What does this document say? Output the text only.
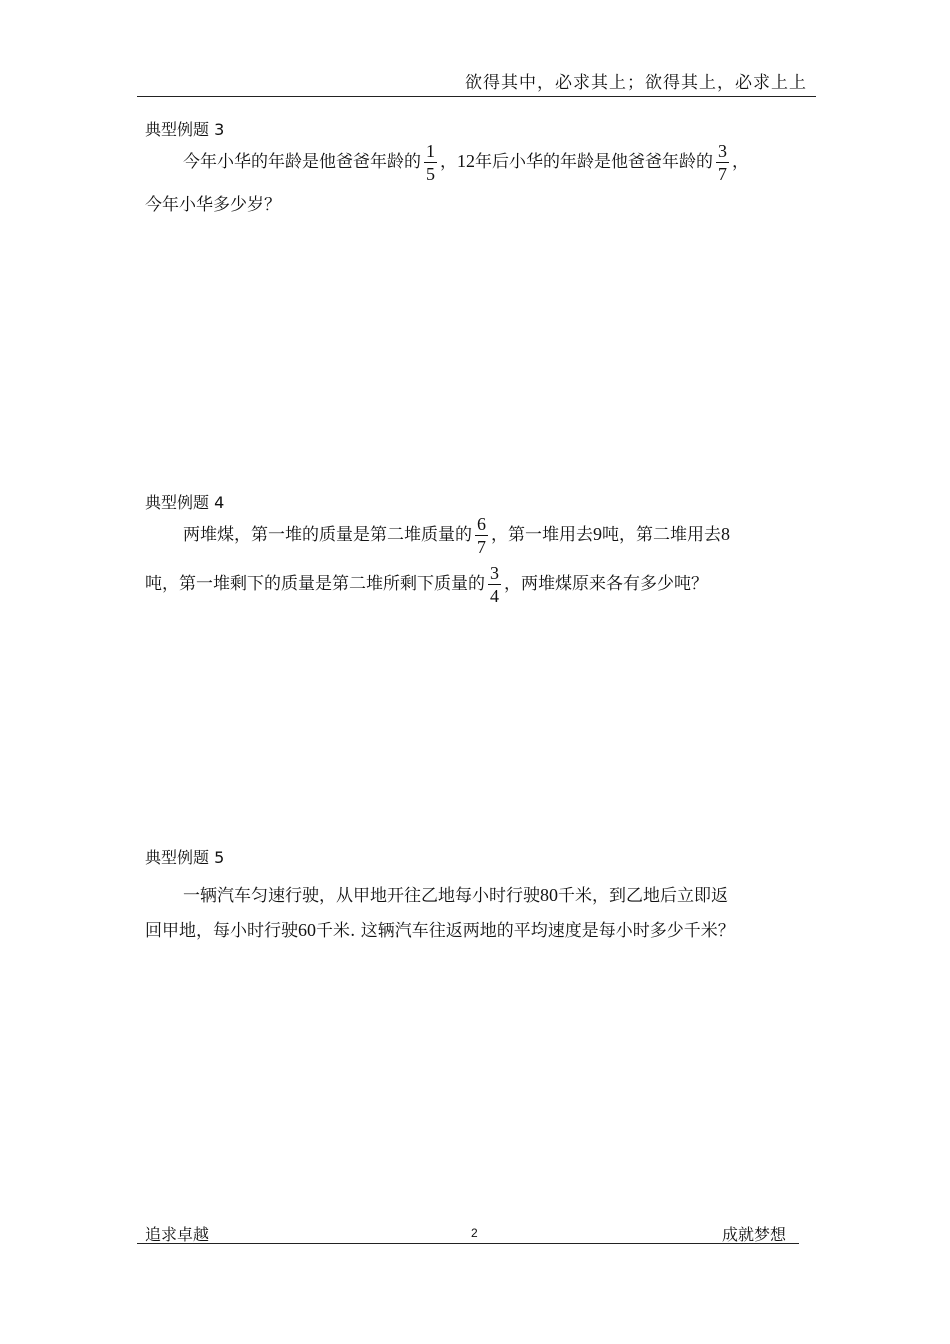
欲得其中，必求其上；欲得其上，必求上上
典型例题 3
今年小华的年龄是他爸爸年龄的 $\frac{1}{5}$ ，12年后小华的年龄是他爸爸年龄的 $\frac{3}{7}$ ，
今年小华多少岁？
典型例题 4
两堆煤，第一堆的质量是第二堆质量的 $\frac{6}{7}$ ，第一堆用去9吨，第二堆用去8
吨，第一堆剩下的质量是第二堆所剩下质量的 $\frac{3}{4}$ ，两堆煤原来各有多少吨？
典型例题 5
一辆汽车匀速行驶，从甲地开往乙地每小时行驶80千米，到乙地后立即返
回甲地，每小时行驶60千米. 这辆汽车往返两地的平均速度是每小时多少千米？
追求卓越	2	成就梦想
